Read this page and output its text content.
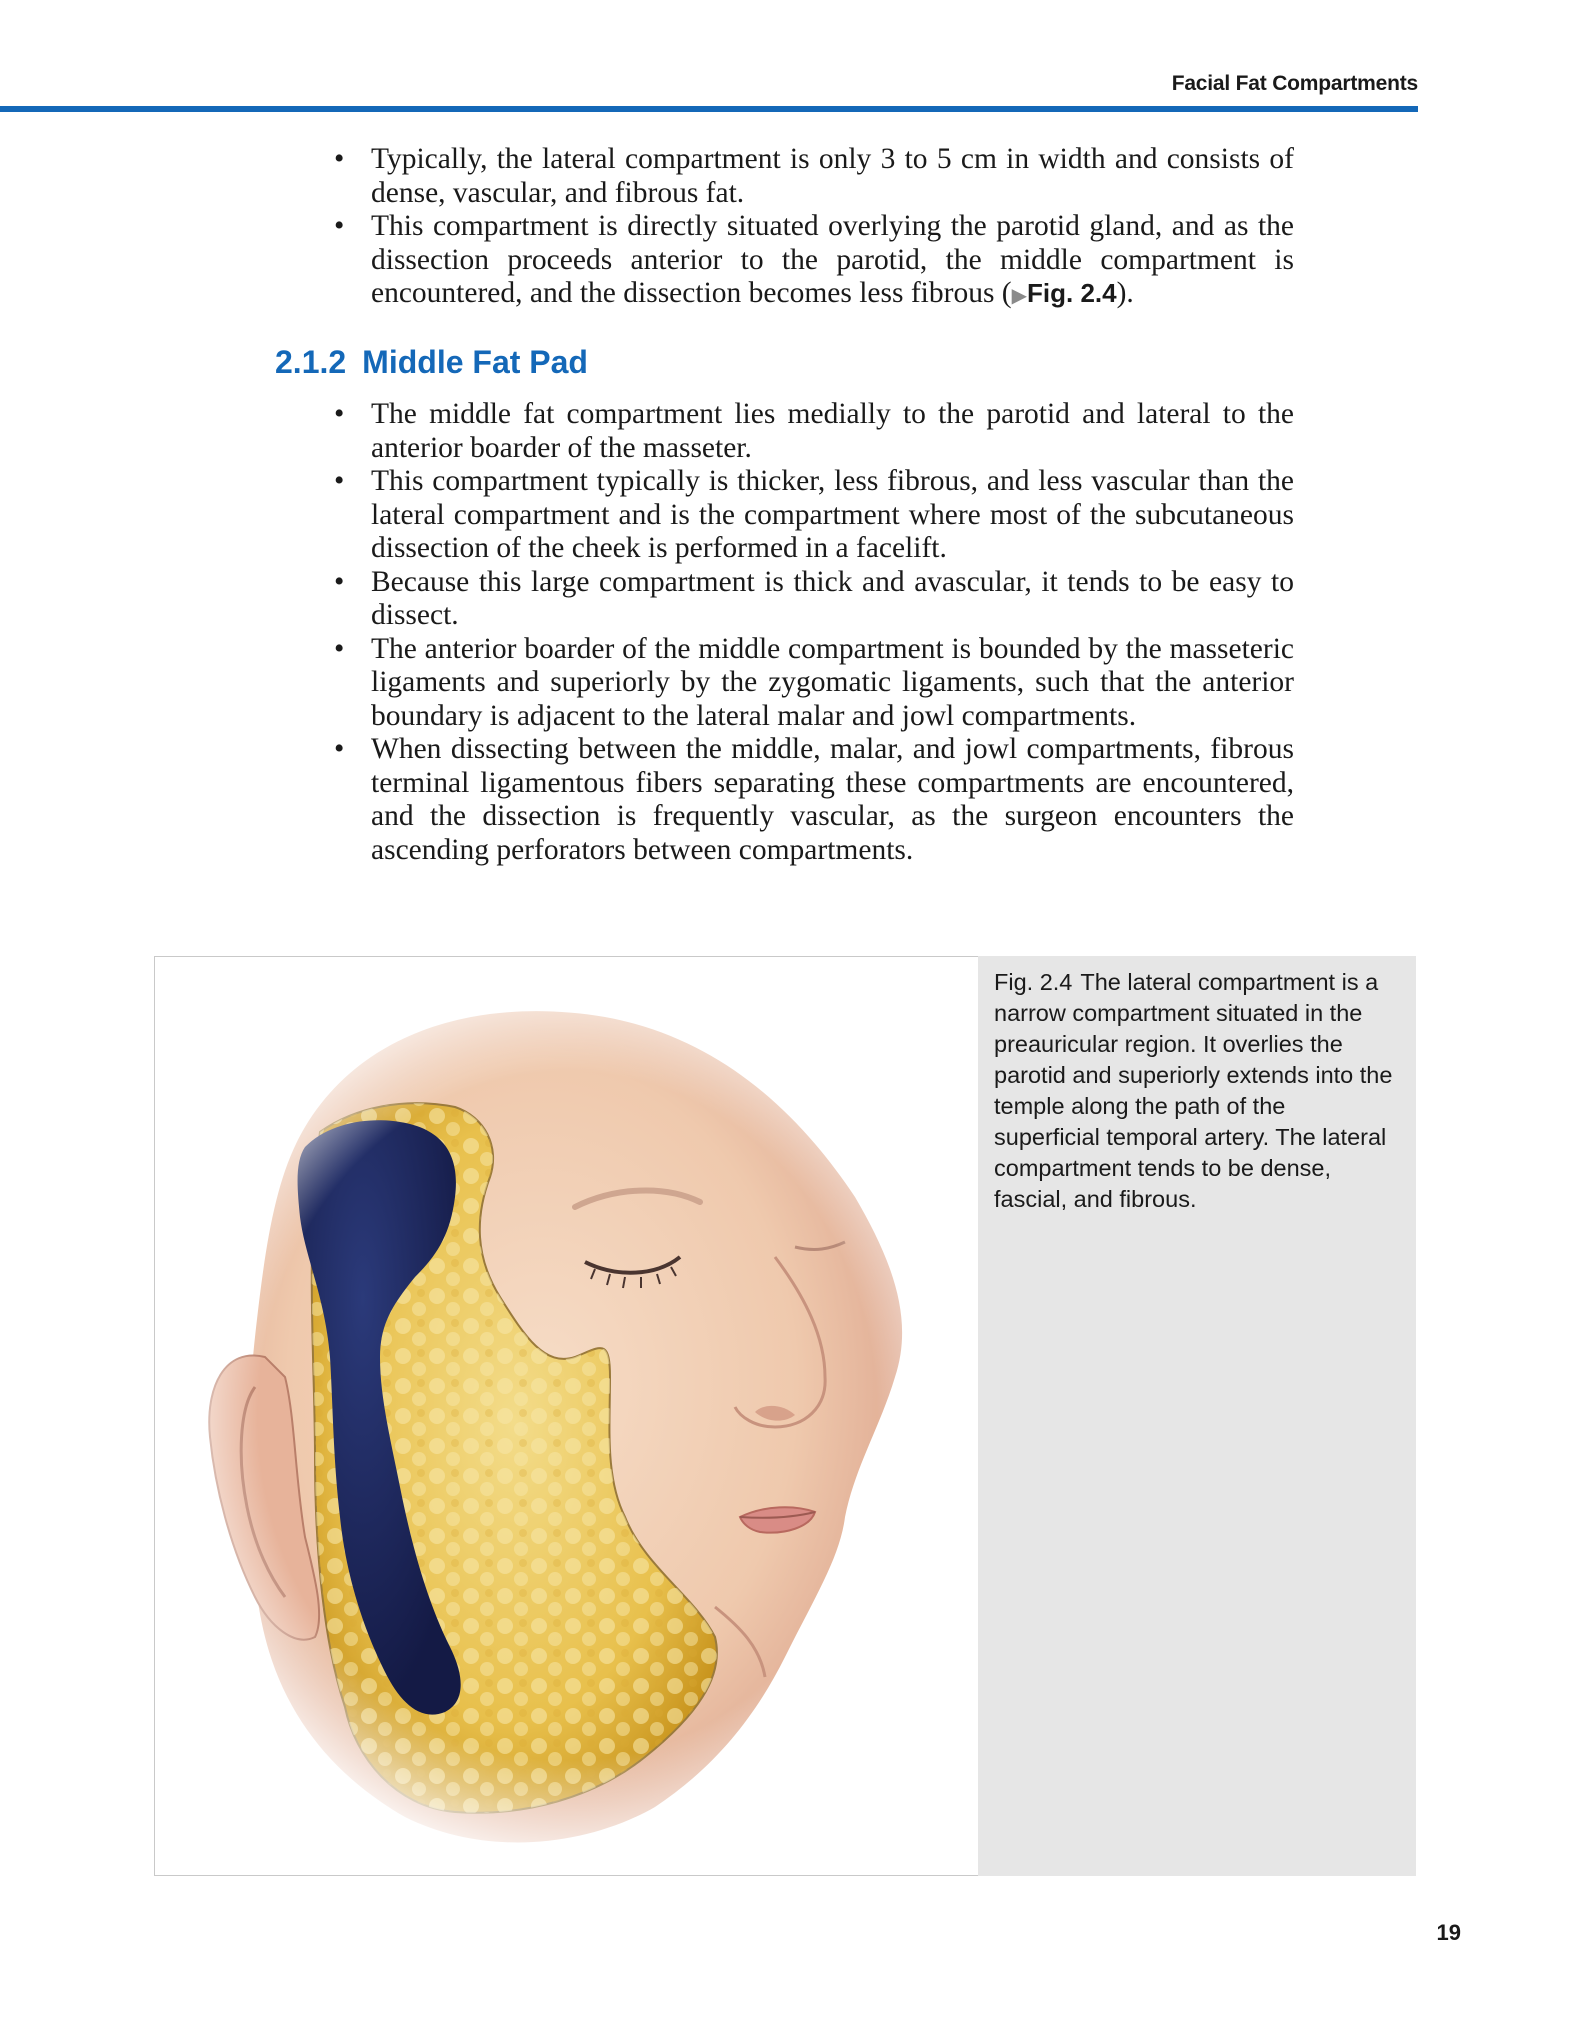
Facial Fat Compartments
• Typically, the lateral compartment is only 3 to 5 cm in width and consists of dense, vascular, and fibrous fat.
• This compartment is directly situated overlying the parotid gland, and as the dissection proceeds anterior to the parotid, the middle compartment is encountered, and the dissection becomes less fibrous (▶Fig. 2.4).
2.1.2 Middle Fat Pad
• The middle fat compartment lies medially to the parotid and lateral to the anterior boarder of the masseter.
• This compartment typically is thicker, less fibrous, and less vascular than the lateral compartment and is the compartment where most of the subcutaneous dissection of the cheek is performed in a facelift.
• Because this large compartment is thick and avascular, it tends to be easy to dissect.
• The anterior boarder of the middle compartment is bounded by the masseteric ligaments and superiorly by the zygomatic ligaments, such that the anterior boundary is adjacent to the lateral malar and jowl compartments.
• When dissecting between the middle, malar, and jowl compartments, fibrous terminal ligamentous fibers separating these compartments are encountered, and the dissection is frequently vascular, as the surgeon encounters the ascending perforators between compartments.
Fig. 2.4 The lateral compartment is a narrow compartment situated in the preauricular region. It overlies the parotid and superiorly extends into the temple along the path of the superficial temporal artery. The lateral compartment tends to be dense, fascial, and fibrous.
19
